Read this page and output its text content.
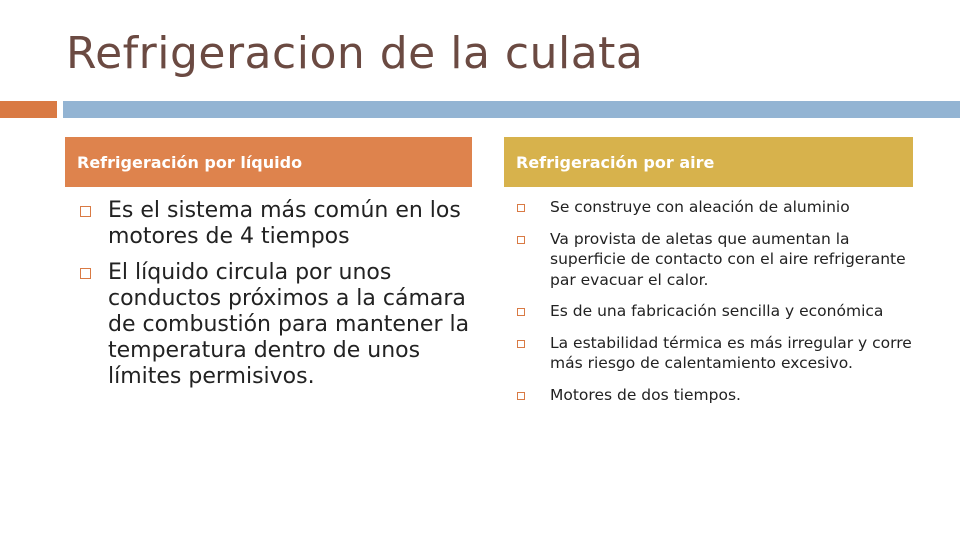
Refrigeracion de la culata
Refrigeración por líquido	Refrigeración por aire
Es el sistema más común en los motores de 4 tiempos
El líquido circula por unos conductos próximos a la cámara de combustión para mantener la temperatura dentro de unos límites permisivos.
Se construye con aleación de aluminio
Va provista de aletas que aumentan la superficie de contacto con el aire refrigerante par evacuar el calor.
Es de una fabricación sencilla y económica
La estabilidad térmica es más irregular y corre más riesgo de calentamiento excesivo.
Motores de dos tiempos.
